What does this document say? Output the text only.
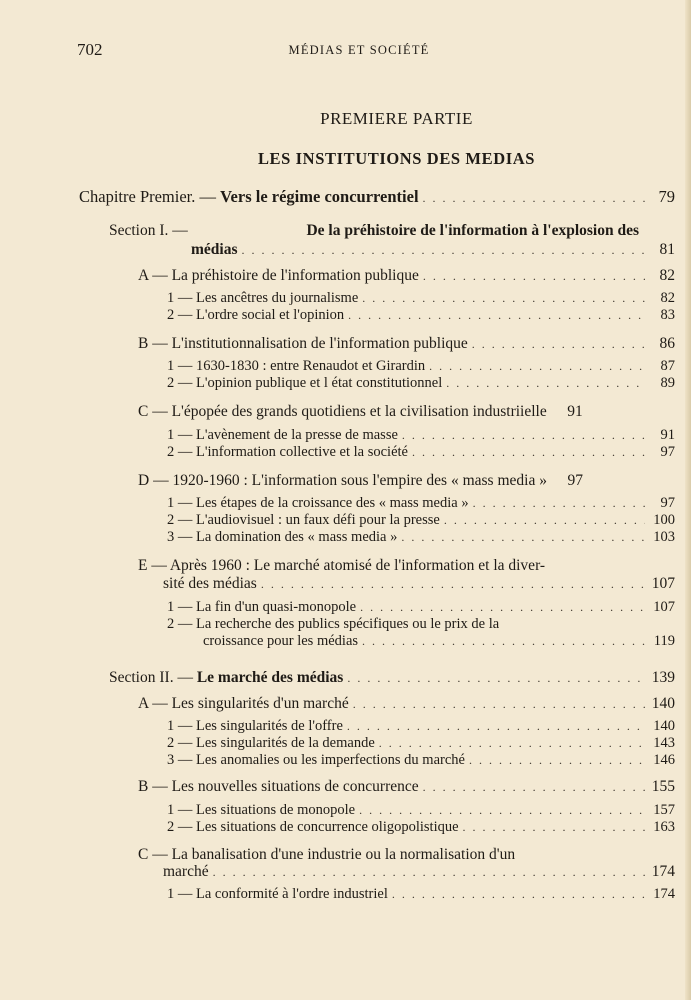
702	MÉDIAS ET SOCIÉTÉ
PREMIERE PARTIE
LES INSTITUTIONS DES MEDIAS
Chapitre Premier. — Vers le régime concurrentiel . . .	79
Section I. —	De la préhistoire de l'information à l'explosion des
médias . . .	81
A — La préhistoire de l'information publique . . .	82
1 — Les ancêtres du journalisme . . .	82
2 — L'ordre social et l'opinion . . .	83
B — L'institutionnalisation de l'information publique . . .	86
1 — 1630-1830 : entre Renaudot et Girardin . . .	87
2 — L'opinion publique et l état constitutionnel . . .	89
C — L'épopée des grands quotidiens et la civilisation industriielle	91
1 — L'avènement de la presse de masse . . .	91
2 — L'information collective et la société . . .	97
D — 1920-1960 : L'information sous l'empire des « mass media »	97
1 — Les étapes de la croissance des « mass media » . . .	97
2 — L'audiovisuel : un faux défi pour la presse . . .	100
3 — La domination des « mass media » . . .	103
E — Après 1960 : Le marché atomisé de l'information et la diver-
sité des médias . . .	107
1 — La fin d'un quasi-monopole . . .	107
2 — La recherche des publics spécifiques ou le prix de la
croissance pour les médias . . .	119
Section II. — Le marché des médias . . .	139
A — Les singularités d'un marché . . .	140
1 — Les singularités de l'offre . . .	140
2 — Les singularités de la demande . . .	143
3 — Les anomalies ou les imperfections du marché . . .	146
B — Les nouvelles situations de concurrence . . .	155
1 — Les situations de monopole . . .	157
2 — Les situations de concurrence oligopolistique . . .	163
C — La banalisation d'une industrie ou la normalisation d'un
marché . . .	174
1 — La conformité à l'ordre industriel . . .	174
